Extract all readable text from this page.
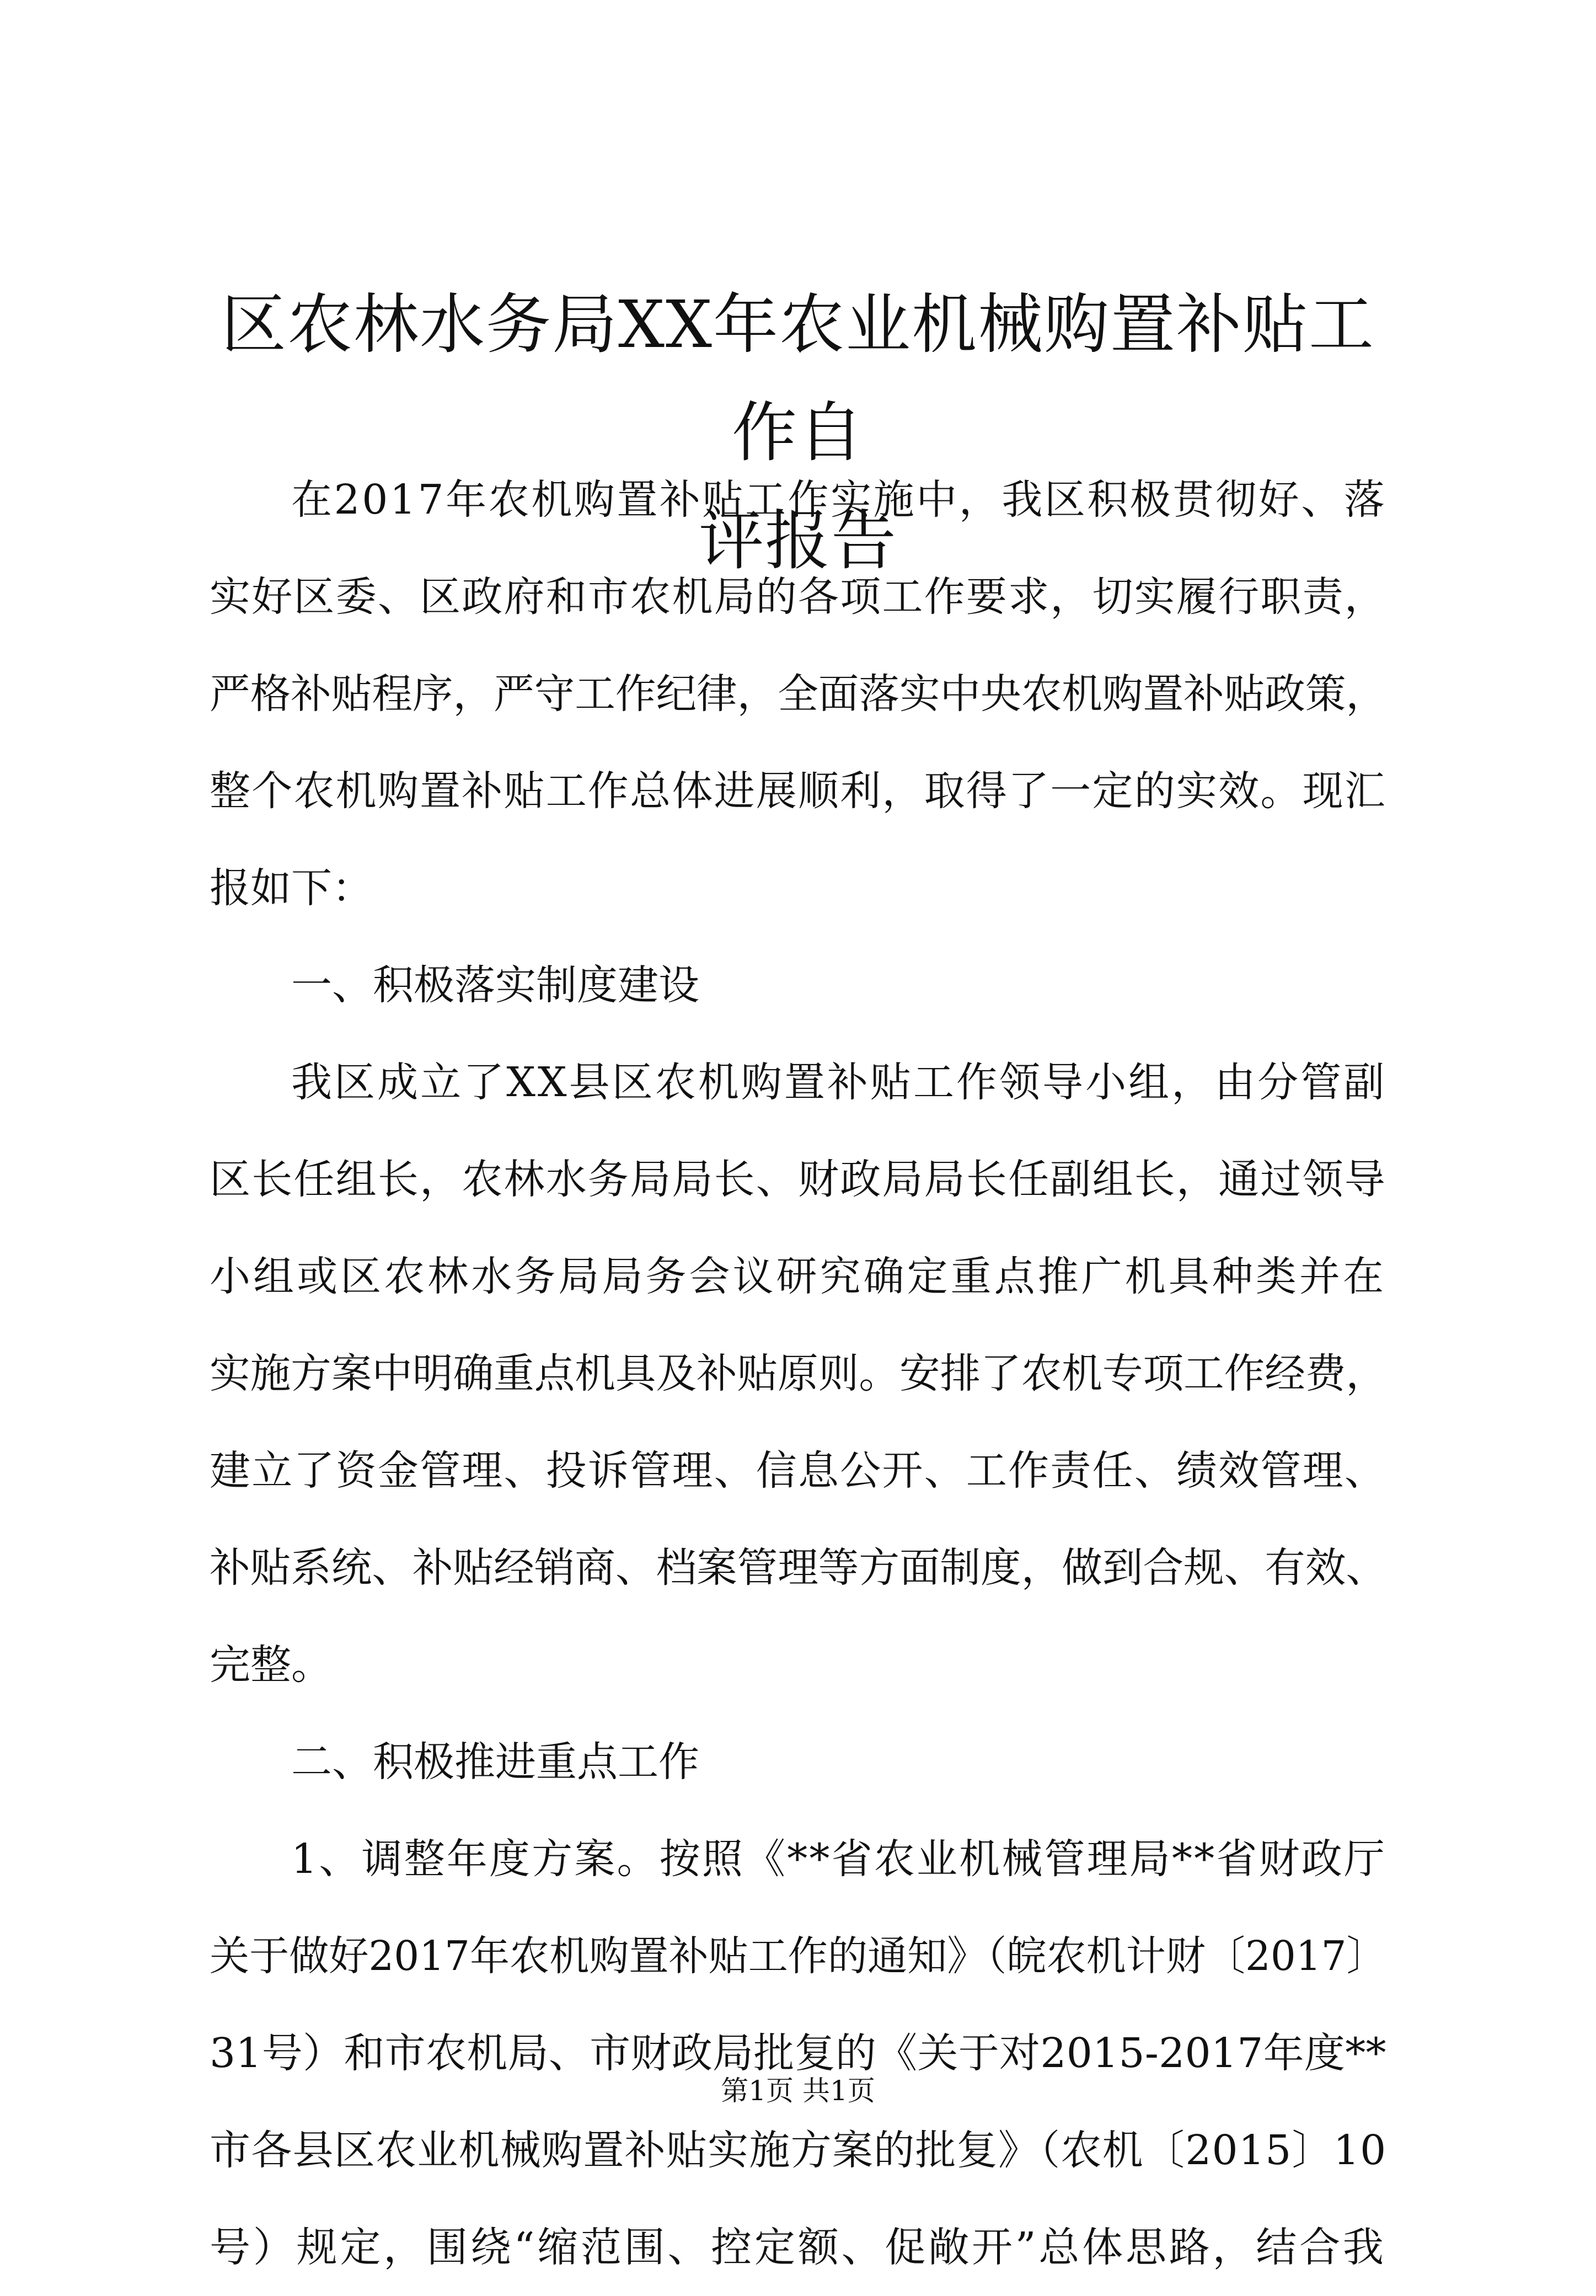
区农林水务局XX年农业机械购置补贴工作自
评报告
在2017年农机购置补贴工作实施中，我区积极贯彻好、落
实好区委、区政府和市农机局的各项工作要求，切实履行职责，
严格补贴程序，严守工作纪律，全面落实中央农机购置补贴政策，
整个农机购置补贴工作总体进展顺利，取得了一定的实效。现汇
报如下：
一、积极落实制度建设
我区成立了XX县区农机购置补贴工作领导小组，由分管副
区长任组长，农林水务局局长、财政局局长任副组长，通过领导
小组或区农林水务局局务会议研究确定重点推广机具种类并在
实施方案中明确重点机具及补贴原则。安排了农机专项工作经费，
建立了资金管理、投诉管理、信息公开、工作责任、绩效管理、
补贴系统、补贴经销商、档案管理等方面制度，做到合规、有效、
完整。
二、积极推进重点工作
1、调整年度方案。按照《**省农业机械管理局**省财政厅
关于做好2017年农机购置补贴工作的通知》（皖农机计财〔2017〕
31号）和市农机局、市财政局批复的《关于对2015-2017年度**
市各县区农业机械购置补贴实施方案的批复》（农机〔2015〕10
号）规定，围绕“缩范围、控定额、促敞开”总体思路，结合我
第1页 共1页
